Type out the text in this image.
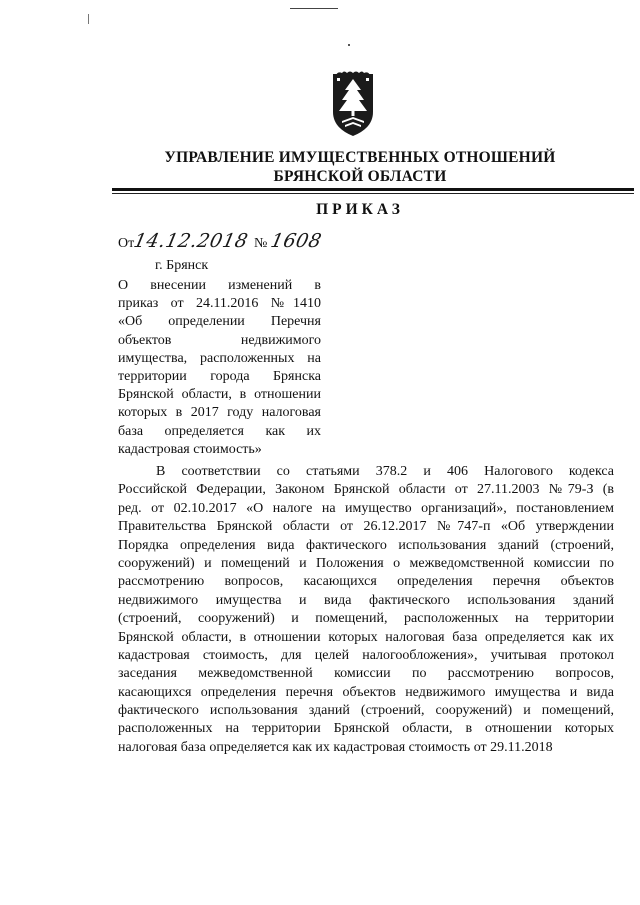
УПРАВЛЕНИЕ ИМУЩЕСТВЕННЫХ ОТНОШЕНИЙ
БРЯНСКОЙ ОБЛАСТИ
ПРИКАЗ
От14.12.2018 №1608
г. Брянск
О внесении изменений в
приказ от 24.11.2016 №1410
«Об определении Перечня
объектов недвижимого
имущества, расположенных на
территории города Брянска
Брянской области, в отношении
которых в 2017 году налоговая
база определяется как их
кадастровая стоимость»
В соответствии со статьями 378.2 и 406 Налогового кодекса
Российской Федерации, Законом Брянской области от 27.11.2003 №79-З (в
ред. от 02.10.2017 «О налоге на имущество организаций», постановлением
Правительства Брянской области от 26.12.2017 №747-п «Об утверждении
Порядка определения вида фактического использования зданий (строений,
сооружений) и помещений и Положения о межведомственной комиссии по
рассмотрению вопросов, касающихся определения перечня объектов
недвижимого имущества и вида фактического использования зданий
(строений, сооружений) и помещений, расположенных на территории
Брянской области, в отношении которых налоговая база определяется как их
кадастровая стоимость, для целей налогообложения», учитывая протокол
заседания межведомственной комиссии по рассмотрению вопросов,
касающихся определения перечня объектов недвижимого имущества и вида
фактического использования зданий (строений, сооружений) и помещений,
расположенных на территории Брянской области, в отношении которых
налоговая база определяется как их кадастровая стоимость от 29.11.2018
